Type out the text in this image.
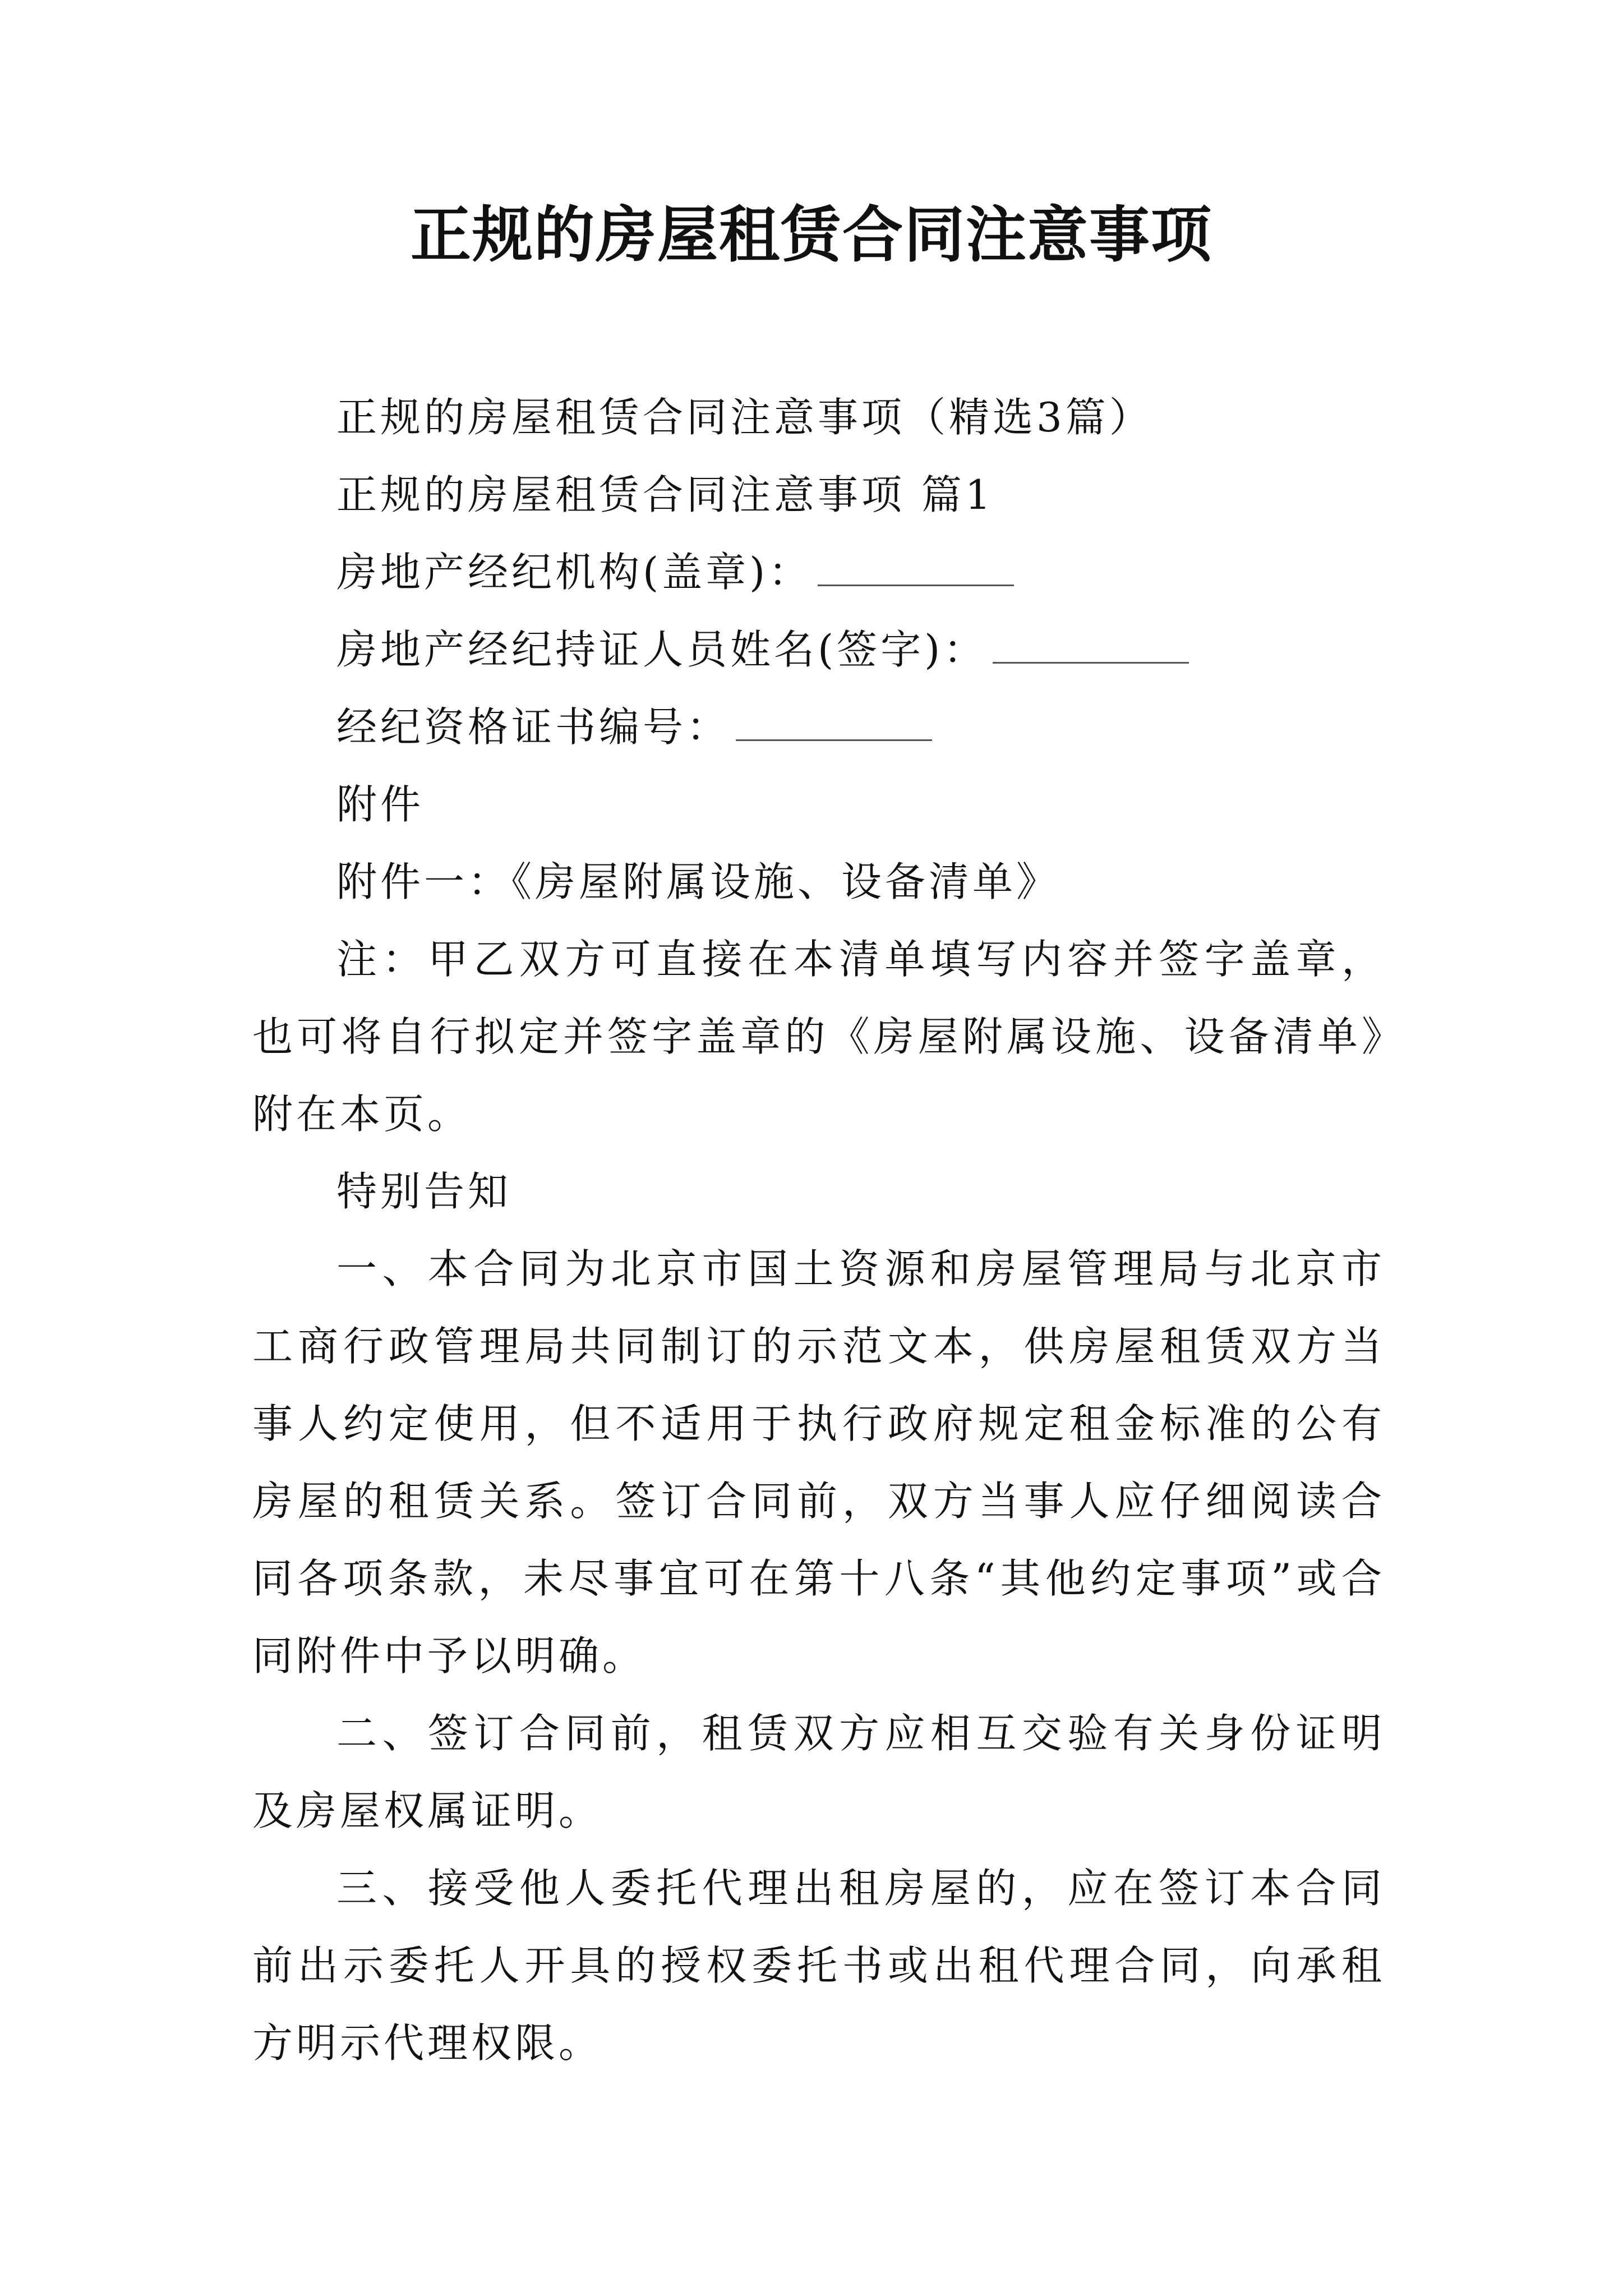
正规的房屋租赁合同注意事项

正规的房屋租赁合同注意事项（精选3篇）

正规的房屋租赁合同注意事项 篇1

房地产经纪机构(盖章)：

房地产经纪持证人员姓名(签字)：

经纪资格证书编号：

附件

附件一：《房屋附属设施、设备清单》

注：甲乙双方可直接在本清单填写内容并签字盖章，也可将自行拟定并签字盖章的《房屋附属设施、设备清单》附在本页。

特别告知

一、本合同为北京市国土资源和房屋管理局与北京市工商行政管理局共同制订的示范文本，供房屋租赁双方当事人约定使用，但不适用于执行政府规定租金标准的公有房屋的租赁关系。签订合同前，双方当事人应仔细阅读合同各项条款，未尽事宜可在第十八条“其他约定事项”或合同附件中予以明确。

二、签订合同前，租赁双方应相互交验有关身份证明及房屋权属证明。

三、接受他人委托代理出租房屋的，应在签订本合同前出示委托人开具的授权委托书或出租代理合同，向承租方明示代理权限。
